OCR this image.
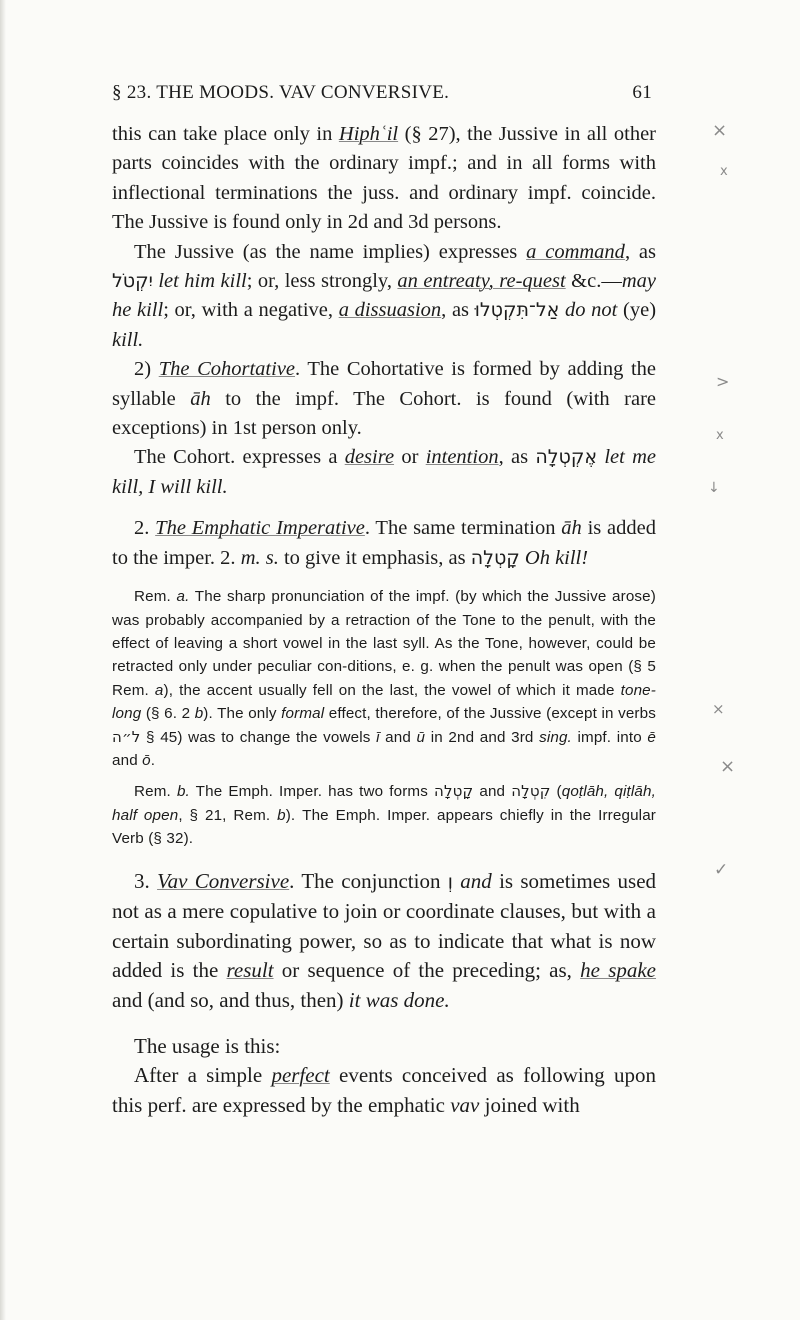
§ 23. THE MOODS. VAV CONVERSIVE.	61

this can take place only in Hiphʿil (§ 27), the Jussive in all other parts coincides with the ordinary impf.; and in all forms with inflectional terminations the juss. and ordinary impf. coincide. The Jussive is found only in 2d and 3d persons.

The Jussive (as the name implies) expresses a command, as יִקְטֹל let him kill; or, less strongly, an entreaty, re-quest &c.—may he kill; or, with a negative, a dissuasion, as אַל־תִּקְטְלוּ do not (ye) kill.

2) The Cohortative. The Cohortative is formed by adding the syllable āh to the impf. The Cohort. is found (with rare exceptions) in 1st person only.

The Cohort. expresses a desire or intention, as אֶקְטְלָה let me kill, I will kill.

2. The Emphatic Imperative. The same termination āh is added to the imper. 2. m. s. to give it emphasis, as קָטְלָה Oh kill!

Rem. a. The sharp pronunciation of the impf. (by which the Jussive arose) was probably accompanied by a retraction of the Tone to the penult, with the effect of leaving a short vowel in the last syll. As the Tone, however, could be retracted only under peculiar con-ditions, e. g. when the penult was open (§ 5 Rem. a), the accent usually fell on the last, the vowel of which it made tone-long (§ 6. 2 b). The only formal effect, therefore, of the Jussive (except in verbs ל״ה § 45) was to change the vowels ī and ū in 2nd and 3rd sing. impf. into ē and ō.

Rem. b. The Emph. Imper. has two forms קָטְלָה and קִטְלָה (qoṭlāh, qiṭlāh, half open, § 21, Rem. b). The Emph. Imper. appears chiefly in the Irregular Verb (§ 32).

3. Vav Conversive. The conjunction וְ and is sometimes used not as a mere copulative to join or coordinate clauses, but with a certain subordinating power, so as to indicate that what is now added is the result or sequence of the preceding; as, he spake and (and so, and thus, then) it was done.

The usage is this:

After a simple perfect events conceived as following upon this perf. are expressed by the emphatic vav joined with

×
x
>
x
↓
×
×
✓
